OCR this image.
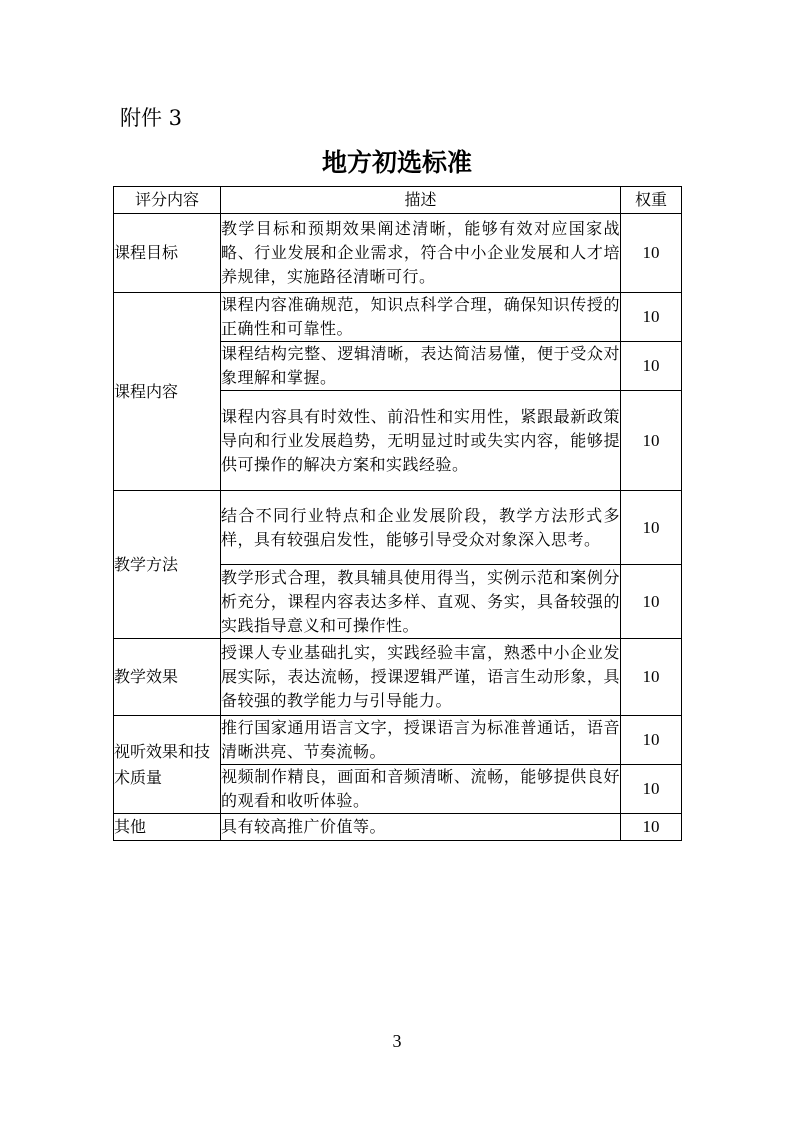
附件 3
地方初选标准
评分内容	描述	权重
课程目标	教学目标和预期效果阐述清晰，能够有效对应国家战略、行业发展和企业需求，符合中小企业发展和人才培养规律，实施路径清晰可行。	10
课程内容	课程内容准确规范，知识点科学合理，确保知识传授的正确性和可靠性。	10
	课程结构完整、逻辑清晰，表达简洁易懂，便于受众对象理解和掌握。	10
	课程内容具有时效性、前沿性和实用性，紧跟最新政策导向和行业发展趋势，无明显过时或失实内容，能够提供可操作的解决方案和实践经验。	10
教学方法	结合不同行业特点和企业发展阶段，教学方法形式多样，具有较强启发性，能够引导受众对象深入思考。	10
	教学形式合理，教具辅具使用得当，实例示范和案例分析充分，课程内容表达多样、直观、务实，具备较强的实践指导意义和可操作性。	10
教学效果	授课人专业基础扎实，实践经验丰富，熟悉中小企业发展实际，表达流畅，授课逻辑严谨，语言生动形象，具备较强的教学能力与引导能力。	10
视听效果和技术质量	推行国家通用语言文字，授课语言为标准普通话，语音清晰洪亮、节奏流畅。	10
	视频制作精良，画面和音频清晰、流畅，能够提供良好的观看和收听体验。	10
其他	具有较高推广价值等。	10
3
